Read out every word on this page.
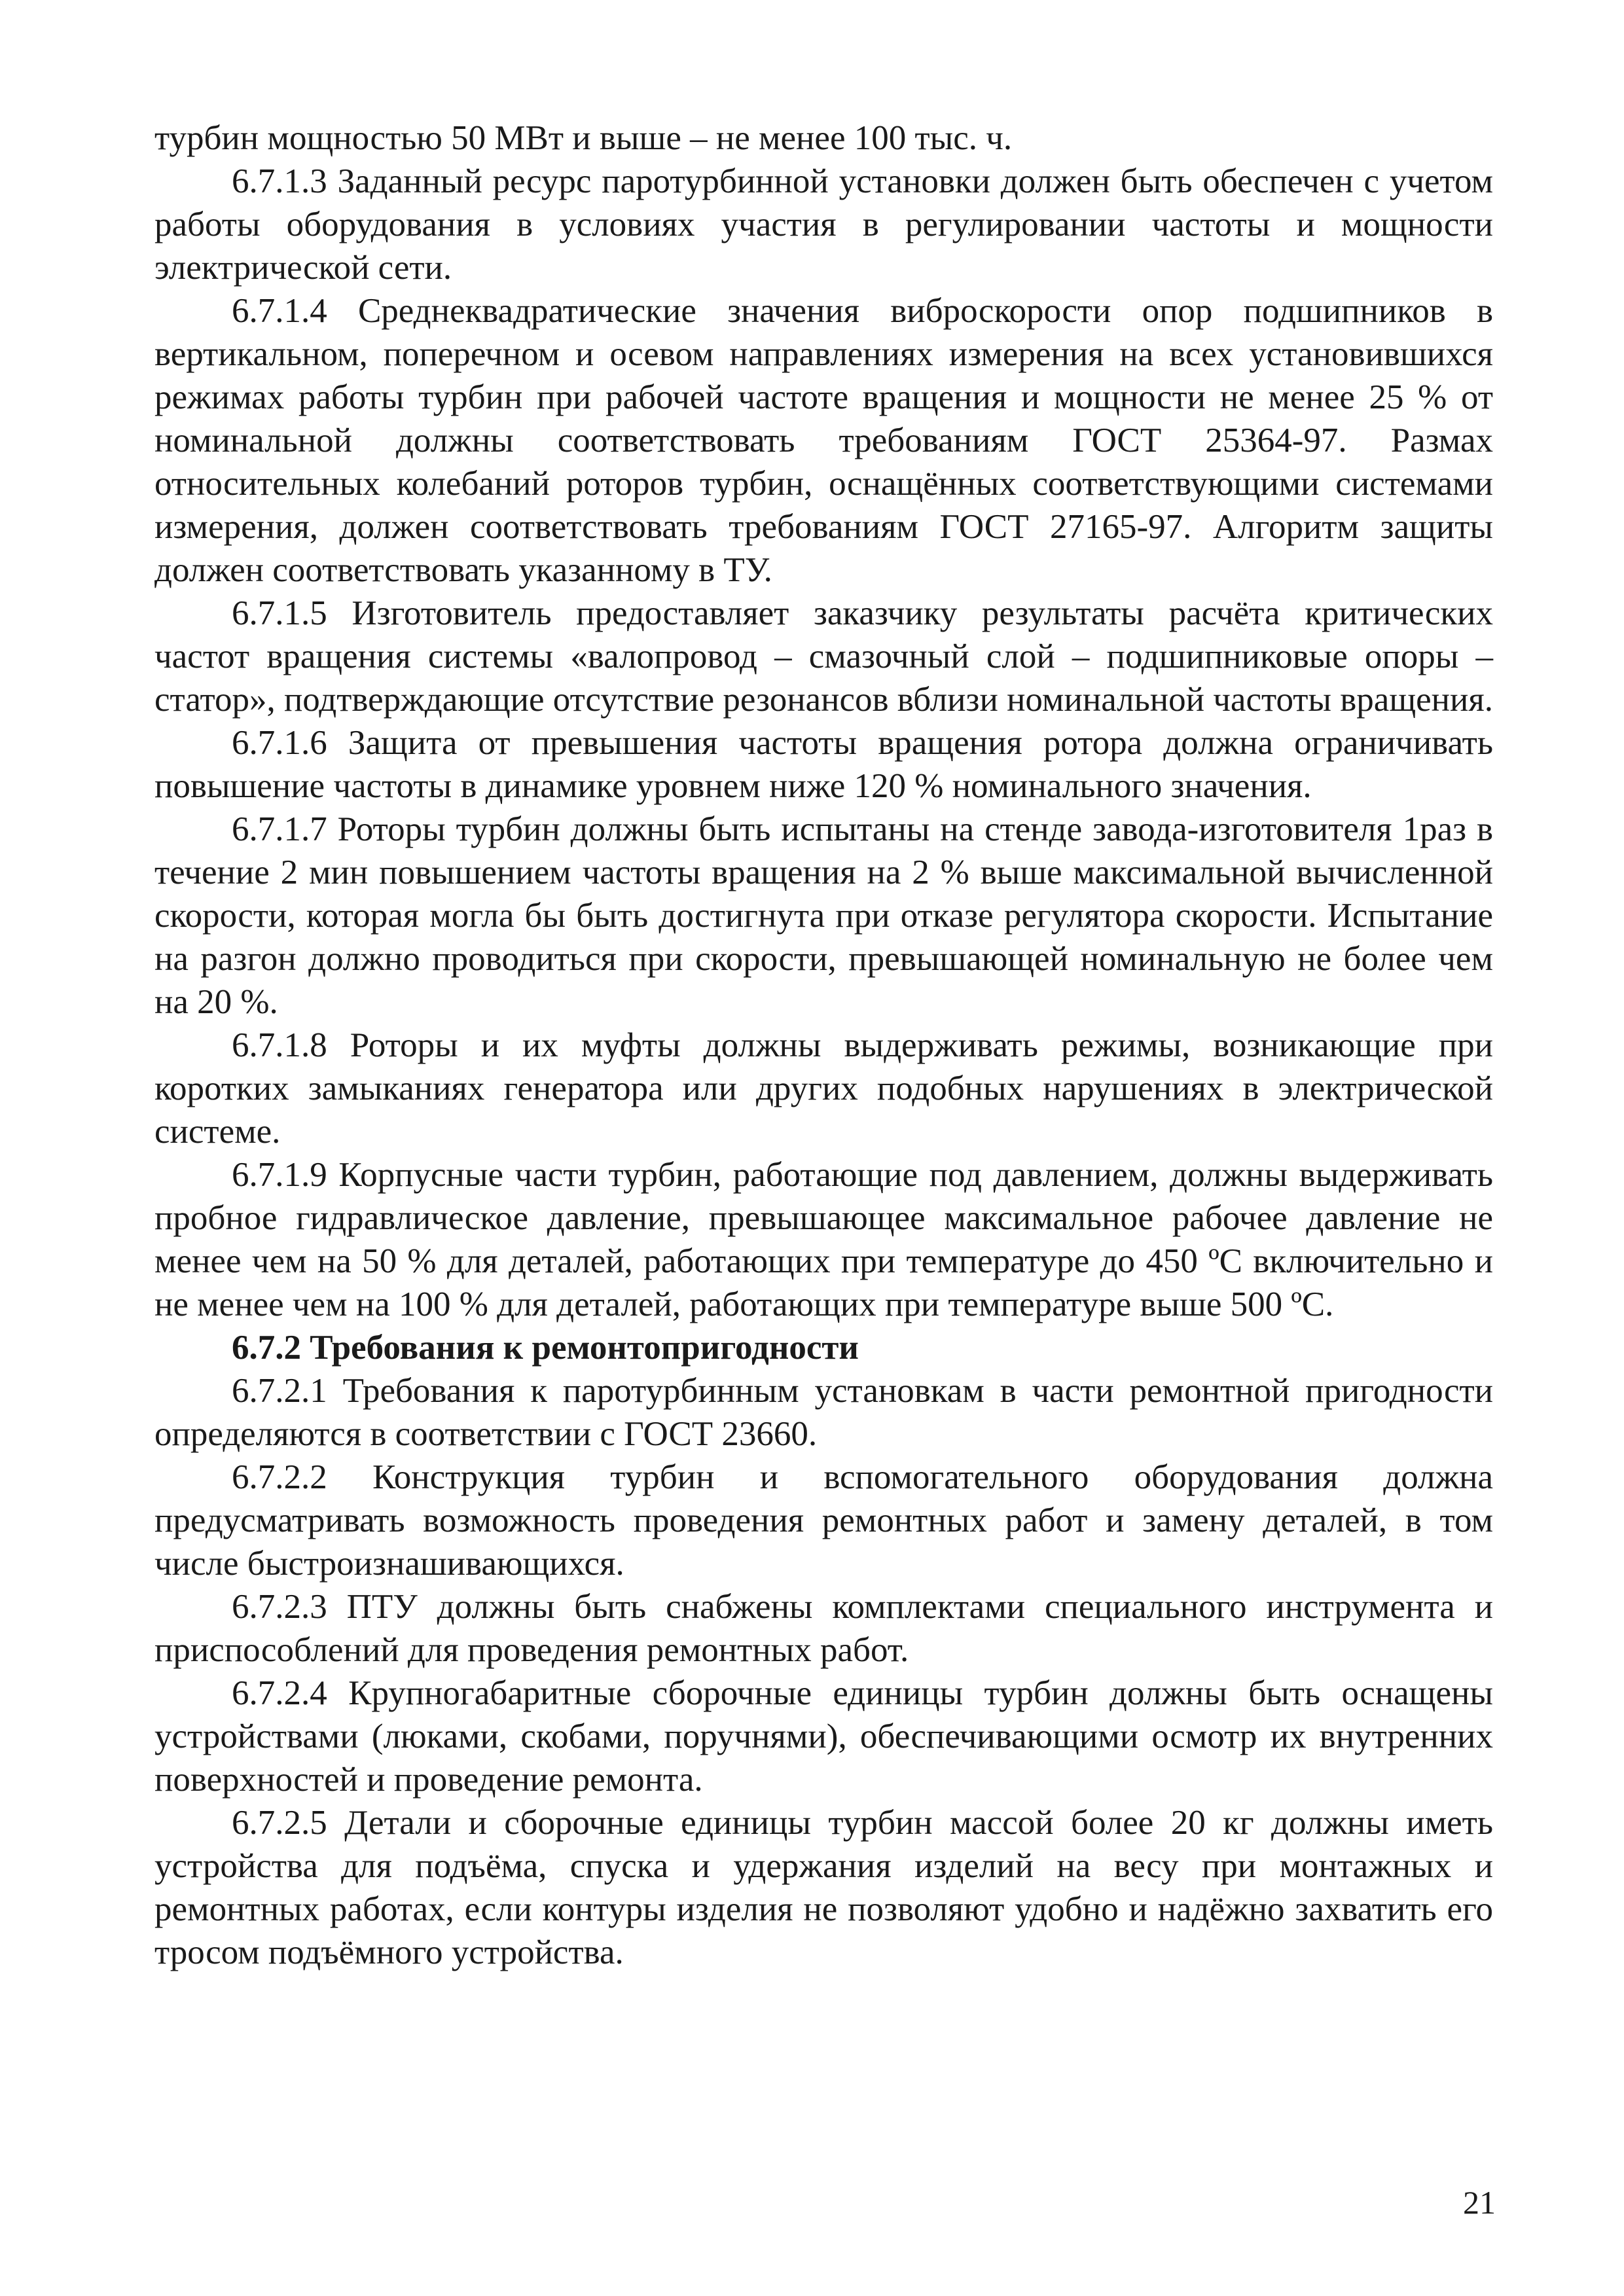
турбин мощностью 50 МВт и выше – не менее 100 тыс. ч.

6.7.1.3 Заданный ресурс паротурбинной установки должен быть обеспечен с учетом работы оборудования в условиях участия в регулировании частоты и мощности электрической сети.

6.7.1.4 Среднеквадратические значения виброскорости опор подшипников в вертикальном, поперечном и осевом направлениях измерения на всех установившихся режимах работы турбин при рабочей частоте вращения и мощности не менее 25 % от номинальной должны соответствовать требованиям ГОСТ 25364-97. Размах относительных колебаний роторов турбин, оснащённых соответствующими системами измерения, должен соответствовать требованиям ГОСТ 27165-97. Алгоритм защиты должен соответствовать указанному в ТУ.

6.7.1.5 Изготовитель предоставляет заказчику результаты расчёта критических частот вращения системы «валопровод – смазочный слой – подшипниковые опоры – статор», подтверждающие отсутствие резонансов вблизи номинальной частоты вращения.

6.7.1.6 Защита от превышения частоты вращения ротора должна ограничивать повышение частоты в динамике уровнем ниже 120 % номинального значения.

6.7.1.7 Роторы турбин должны быть испытаны на стенде завода-изготовителя 1раз в течение 2 мин повышением частоты вращения на 2 % выше максимальной вычисленной скорости, которая могла бы быть достигнута при отказе регулятора скорости. Испытание на разгон должно проводиться при скорости, превышающей номинальную не более чем на 20 %.

6.7.1.8 Роторы и их муфты должны выдерживать режимы, возникающие при коротких замыканиях генератора или других подобных нарушениях в электрической системе.

6.7.1.9 Корпусные части турбин, работающие под давлением, должны выдерживать пробное гидравлическое давление, превышающее максимальное рабочее давление не менее чем на 50 % для деталей, работающих при температуре до 450 ºС включительно и не менее чем на 100 % для деталей, работающих при температуре выше 500 ºС.

6.7.2 Требования к ремонтопригодности

6.7.2.1 Требования к паротурбинным установкам в части ремонтной пригодности определяются в соответствии с ГОСТ 23660.

6.7.2.2 Конструкция турбин и вспомогательного оборудования должна предусматривать возможность проведения ремонтных работ и замену деталей, в том числе быстроизнашивающихся.

6.7.2.3 ПТУ должны быть снабжены комплектами специального инструмента и приспособлений для проведения ремонтных работ.

6.7.2.4 Крупногабаритные сборочные единицы турбин должны быть оснащены устройствами (люками, скобами, поручнями), обеспечивающими осмотр их внутренних поверхностей и проведение ремонта.

6.7.2.5 Детали и сборочные единицы турбин массой более 20 кг должны иметь устройства для подъёма, спуска и удержания изделий на весу при монтажных и ремонтных работах, если контуры изделия не позволяют удобно и надёжно захватить его тросом подъёмного устройства.

21
